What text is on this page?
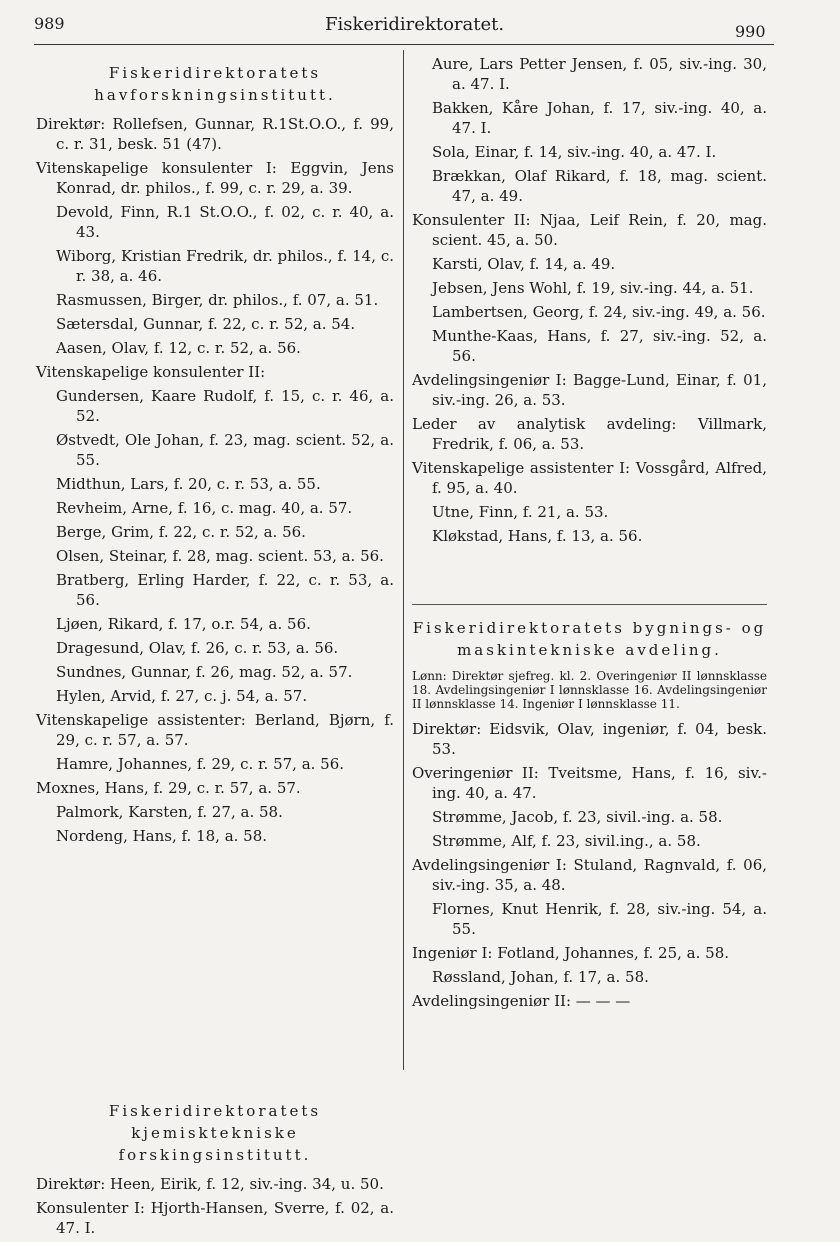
989	Fiskeridirektoratet.	990

Fiskeridirektoratets havforskningsinstitutt.

Direktør: Rollefsen, Gunnar, R.1St.O.O., f. 99, c. r. 31, besk. 51 (47).

Vitenskapelige konsulenter I: Eggvin, Jens Konrad, dr. philos., f. 99, c. r. 29, a. 39.

Devold, Finn, R.1 St.O.O., f. 02, c. r. 40, a. 43.

Wiborg, Kristian Fredrik, dr. philos., f. 14, c. r. 38, a. 46.

Rasmussen, Birger, dr. philos., f. 07, a. 51.

Sætersdal, Gunnar, f. 22, c. r. 52, a. 54.

Aasen, Olav, f. 12, c. r. 52, a. 56.

Vitenskapelige konsulenter II:

Gundersen, Kaare Rudolf, f. 15, c. r. 46, a. 52.

Østvedt, Ole Johan, f. 23, mag. scient. 52, a. 55.

Midthun, Lars, f. 20, c. r. 53, a. 55.

Revheim, Arne, f. 16, c. mag. 40, a. 57.

Berge, Grim, f. 22, c. r. 52, a. 56.

Olsen, Steinar, f. 28, mag. scient. 53, a. 56.

Bratberg, Erling Harder, f. 22, c. r. 53, a. 56.

Ljøen, Rikard, f. 17, o.r. 54, a. 56.

Dragesund, Olav, f. 26, c. r. 53, a. 56.

Sundnes, Gunnar, f. 26, mag. 52, a. 57.

Hylen, Arvid, f. 27, c. j. 54, a. 57.

Vitenskapelige assistenter: Berland, Bjørn, f. 29, c. r. 57, a. 57.

Hamre, Johannes, f. 29, c. r. 57, a. 56.

Moxnes, Hans, f. 29, c. r. 57, a. 57.

Palmork, Karsten, f. 27, a. 58.

Nordeng, Hans, f. 18, a. 58.

Fiskeridirektoratets kjemisktekniske forskingsinstitutt.

Direktør: Heen, Eirik, f. 12, siv.-ing. 34, u. 50.

Konsulenter I: Hjorth-Hansen, Sverre, f. 02, a. 47. I.

Aure, Lars Petter Jensen, f. 05, siv.-ing. 30, a. 47. I.

Bakken, Kåre Johan, f. 17, siv.-ing. 40, a. 47. I.

Sola, Einar, f. 14, siv.-ing. 40, a. 47. I.

Brækkan, Olaf Rikard, f. 18, mag. scient. 47, a. 49.

Konsulenter II: Njaa, Leif Rein, f. 20, mag. scient. 45, a. 50.

Karsti, Olav, f. 14, a. 49.

Jebsen, Jens Wohl, f. 19, siv.-ing. 44, a. 51.

Lambertsen, Georg, f. 24, siv.-ing. 49, a. 56.

Munthe-Kaas, Hans, f. 27, siv.-ing. 52, a. 56.

Avdelingsingeniør I: Bagge-Lund, Einar, f. 01, siv.-ing. 26, a. 53.

Leder av analytisk avdeling: Villmark, Fredrik, f. 06, a. 53.

Vitenskapelige assistenter I: Vossgård, Alfred, f. 95, a. 40.

Utne, Finn, f. 21, a. 53.

Kløkstad, Hans, f. 13, a. 56.

Fiskeridirektoratets bygnings- og maskintekniske avdeling.

Lønn: Direktør sjefreg. kl. 2. Overingeniør II lønnsklasse 18. Avdelingsingeniør I lønnsklasse 16. Avdelingsingeniør II lønnsklasse 14. Ingeniør I lønnsklasse 11.

Direktør: Eidsvik, Olav, ingeniør, f. 04, besk. 53.

Overingeniør II: Tveitsme, Hans, f. 16, siv.-ing. 40, a. 47.

Strømme, Jacob, f. 23, sivil.-ing. a. 58.

Strømme, Alf, f. 23, sivil.ing., a. 58.

Avdelingsingeniør I: Stuland, Ragnvald, f. 06, siv.-ing. 35, a. 48.

Flornes, Knut Henrik, f. 28, siv.-ing. 54, a. 55.

Ingeniør I: Fotland, Johannes, f. 25, a. 58.

Røssland, Johan, f. 17, a. 58.

Avdelingsingeniør II: — — —
